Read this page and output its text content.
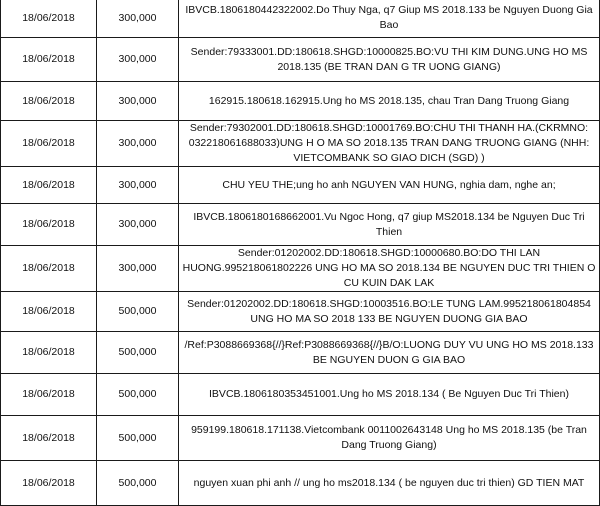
18/06/2018	300,000	IBVCB.1806180442322002.Do Thuy Nga, q7 Giup MS 2018.133 be Nguyen Duong Gia Bao
18/06/2018	300,000	Sender:79333001.DD:180618.SHGD:10000825.BO:VU THI KIM DUNG.UNG HO MS 2018.135 (BE TRAN DAN G TR UONG GIANG)
18/06/2018	300,000	162915.180618.162915.Ung ho MS 2018.135, chau Tran Dang Truong Giang
18/06/2018	300,000	Sender:79302001.DD:180618.SHGD:10001769.BO:CHU THI THANH HA.(CKRMNO: 032218061688033)UNG H O MA SO 2018.135 TRAN DANG TRUONG GIANG (NHH: VIETCOMBANK SO GIAO DICH (SGD) )
18/06/2018	300,000	CHU YEU THE;ung ho anh NGUYEN VAN HUNG, nghia dam, nghe an;
18/06/2018	300,000	IBVCB.1806180168662001.Vu Ngoc Hong, q7 giup MS2018.134 be Nguyen Duc Tri Thien
18/06/2018	300,000	Sender:01202002.DD:180618.SHGD:10000680.BO:DO THI LAN HUONG.995218061802226 UNG HO MA SO 2018.134 BE NGUYEN DUC TRI THIEN O CU KUIN DAK LAK
18/06/2018	500,000	Sender:01202002.DD:180618.SHGD:10003516.BO:LE TUNG LAM.995218061804854 UNG HO MA SO 2018 133 BE NGUYEN DUONG GIA BAO
18/06/2018	500,000	/Ref:P3088669368{//}Ref:P3088669368{//}B/O:LUONG DUY VU UNG HO MS 2018.133 BE NGUYEN DUON G GIA BAO
18/06/2018	500,000	IBVCB.1806180353451001.Ung ho MS 2018.134 ( Be Nguyen Duc Tri Thien)
18/06/2018	500,000	959199.180618.171138.Vietcombank 0011002643148 Ung ho MS 2018.135 (be Tran Dang Truong Giang)
18/06/2018	500,000	nguyen xuan phi anh // ung ho ms2018.134 ( be nguyen duc tri thien) GD TIEN MAT
